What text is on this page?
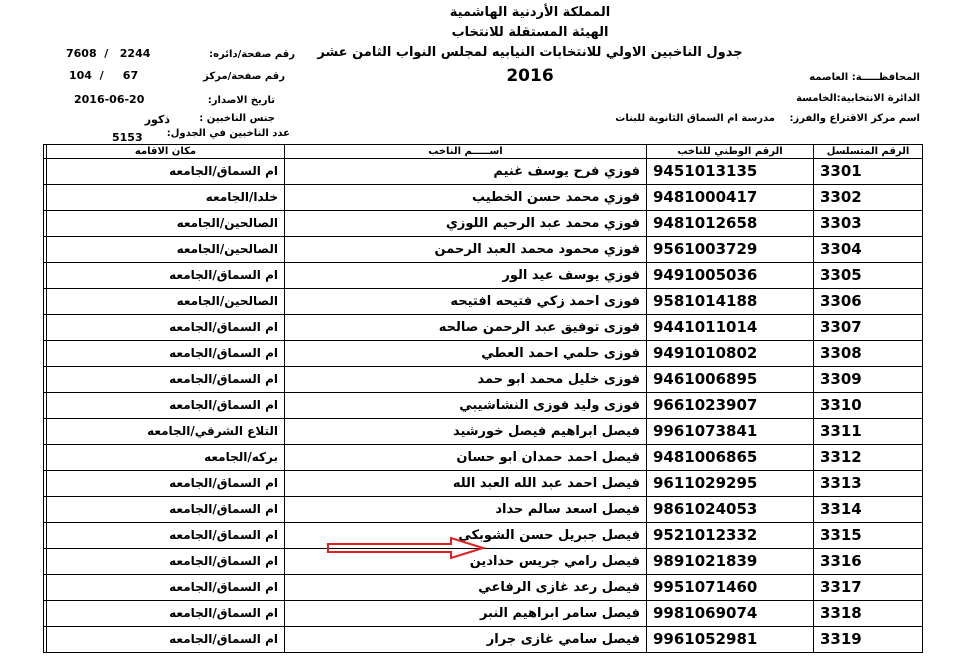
المملكة الأردنية الهاشمية
الهيئة المستقلة للانتخاب
جدول الناخبين الاولي للانتخابات النيابيه لمجلس النواب الثامن عشر
2016
7608  /   2244	رقم صفحة/دائره:
104  /     67	رقم صفحة/مركز
2016-06-20	تاريخ الاصدار:
ذكور	جنس الناخبين :
عدد الناخبين في الجدول:
5153
المحافظـــــة: العاصمه
الدائرة الانتخابية:الخامسة
اسم مركز الاقتراع والفرز:
مدرسة ام السماق الثانوية للبنات
الرقم المتسلسل	الرقم الوطني للناخب	اســـــم الناخب	مكان الاقامه	
3301	9451013135	فوزي فرح يوسف غنيم	ام السماق/الجامعه	
3302	9481000417	فوزي محمد حسن الخطيب	خلدا/الجامعه	
3303	9481012658	فوزي محمد عبد الرحيم اللوزي	الصالحين/الجامعه	
3304	9561003729	فوزي محمود محمد العبد الرحمن	الصالحين/الجامعه	
3305	9491005036	فوزي يوسف عيد الور	ام السماق/الجامعه	
3306	9581014188	فوزى احمد زكي فتيحه افتيحه	الصالحين/الجامعه	
3307	9441011014	فوزى توفيق عبد الرحمن صالحه	ام السماق/الجامعه	
3308	9491010802	فوزى حلمي احمد العطي	ام السماق/الجامعه	
3309	9461006895	فوزى خليل محمد ابو حمد	ام السماق/الجامعه	
3310	9661023907	فوزى وليد فوزى النشاشيبي	ام السماق/الجامعه	
3311	9961073841	فيصل ابراهيم فيصل خورشيد	التلاع الشرقي/الجامعه	
3312	9481006865	فيصل احمد حمدان ابو حسان	بركه/الجامعه	
3313	9611029295	فيصل احمد عبد الله العبد الله	ام السماق/الجامعه	
3314	9861024053	فيصل اسعد سالم حداد	ام السماق/الجامعه	
3315	9521012332	فيصل جبريل حسن الشوبكي	ام السماق/الجامعه	
3316	9891021839	فيصل رامي جريس حدادين	ام السماق/الجامعه	
3317	9951071460	فيصل رعد غازى الرفاعي	ام السماق/الجامعه	
3318	9981069074	فيصل سامر ابراهيم النبر	ام السماق/الجامعه	
3319	9961052981	فيصل سامي غازى جرار	ام السماق/الجامعه	
